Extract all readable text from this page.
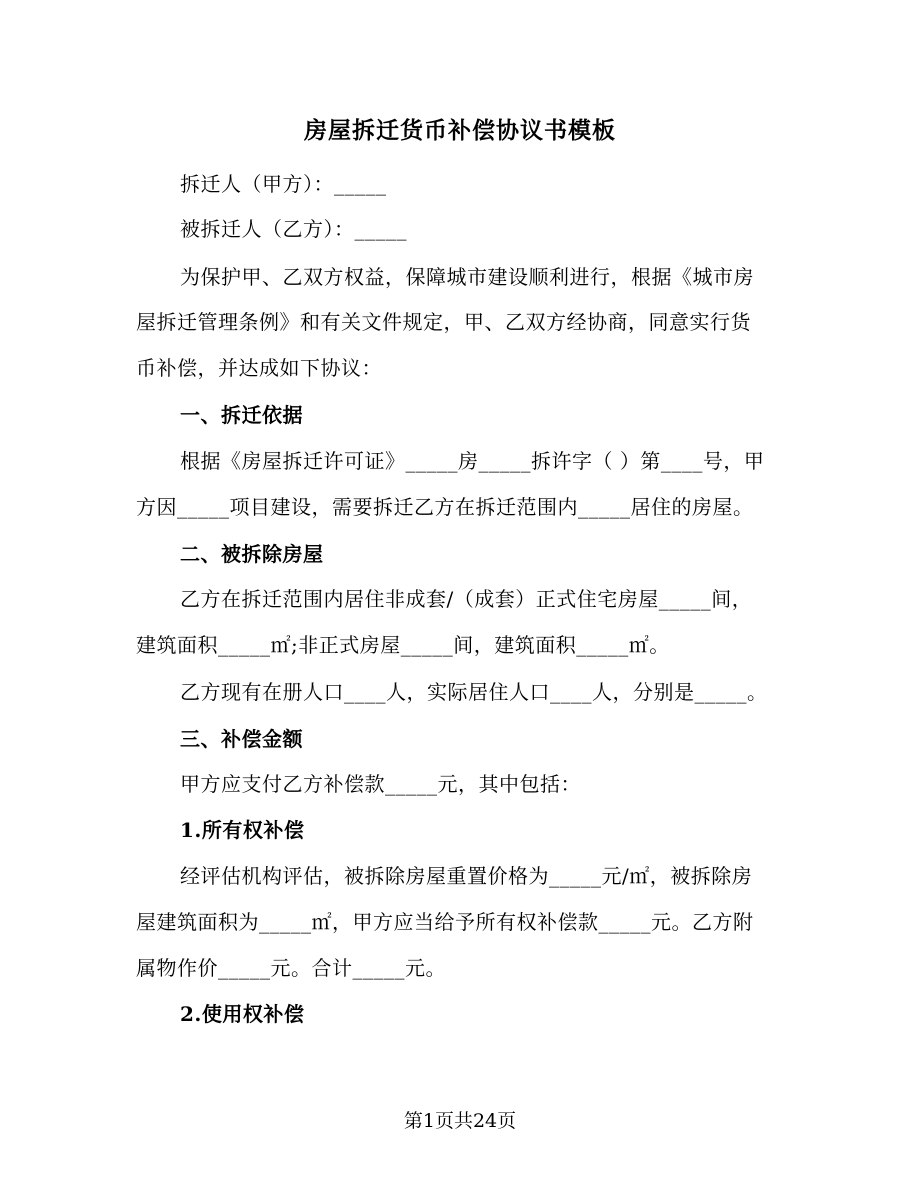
房屋拆迁货币补偿协议书模板

拆迁人（甲方）：_____

被拆迁人（乙方）：_____

为保护甲、乙双方权益，保障城市建设顺利进行，根据《城市房

屋拆迁管理条例》和有关文件规定，甲、乙双方经协商，同意实行货

币补偿，并达成如下协议：

一、拆迁依据

根据《房屋拆迁许可证》_____房_____拆许字（ ）第____号，甲

方因_____项目建设，需要拆迁乙方在拆迁范围内_____居住的房屋。

二、被拆除房屋

乙方在拆迁范围内居住非成套/（成套）正式住宅房屋_____间，

建筑面积_____㎡;非正式房屋_____间，建筑面积_____㎡。

乙方现有在册人口____人，实际居住人口____人，分别是_____。

三、补偿金额

甲方应支付乙方补偿款_____元，其中包括：

1.所有权补偿

经评估机构评估，被拆除房屋重置价格为_____元/㎡，被拆除房

屋建筑面积为_____㎡，甲方应当给予所有权补偿款_____元。乙方附

属物作价_____元。合计_____元。

2.使用权补偿

第1页共24页
